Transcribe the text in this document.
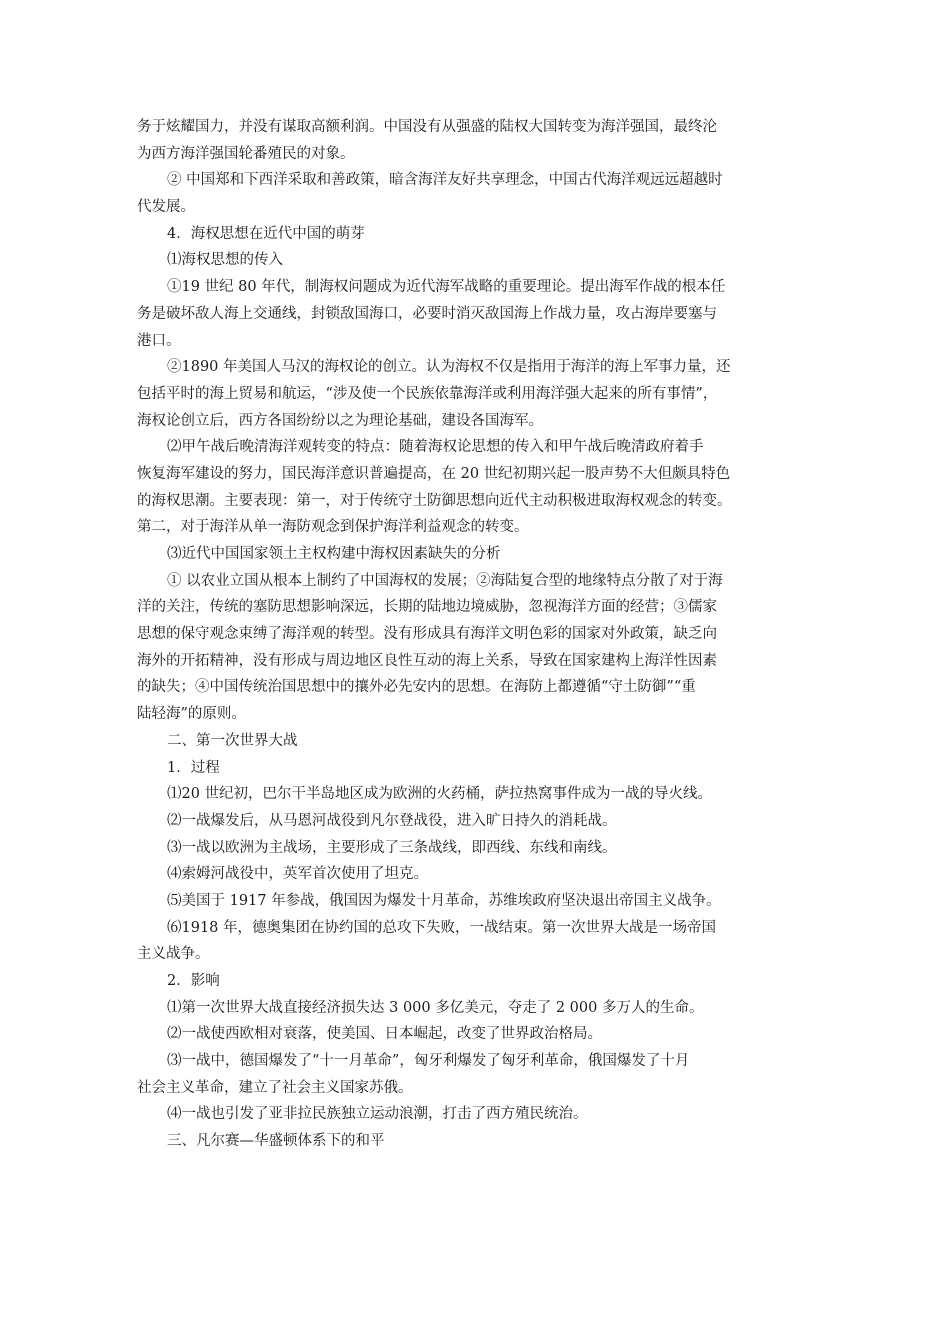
务于炫耀国力，并没有谋取高额利润。中国没有从强盛的陆权大国转变为海洋强国，最终沦
为西方海洋强国轮番殖民的对象。
② 中国郑和下西洋采取和善政策，暗含海洋友好共享理念，中国古代海洋观远远超越时
代发展。
4．海权思想在近代中国的萌芽
⑴海权思想的传入
①19 世纪 80 年代，制海权问题成为近代海军战略的重要理论。提出海军作战的根本任
务是破坏敌人海上交通线，封锁敌国海口，必要时消灭敌国海上作战力量，攻占海岸要塞与
港口。
②1890 年美国人马汉的海权论的创立。认为海权不仅是指用于海洋的海上军事力量，还
包括平时的海上贸易和航运，“涉及使一个民族依靠海洋或利用海洋强大起来的所有事情”，
海权论创立后，西方各国纷纷以之为理论基础，建设各国海军。
⑵甲午战后晚清海洋观转变的特点：随着海权论思想的传入和甲午战后晚清政府着手
恢复海军建设的努力，国民海洋意识普遍提高，在 20 世纪初期兴起一股声势不大但颇具特色
的海权思潮。主要表现：第一，对于传统守土防御思想向近代主动积极进取海权观念的转变。
第二，对于海洋从单一海防观念到保护海洋利益观念的转变。
⑶近代中国国家领土主权构建中海权因素缺失的分析
① 以农业立国从根本上制约了中国海权的发展；②海陆复合型的地缘特点分散了对于海
洋的关注，传统的塞防思想影响深远，长期的陆地边境威胁，忽视海洋方面的经营；③儒家
思想的保守观念束缚了海洋观的转型。没有形成具有海洋文明色彩的国家对外政策，缺乏向
海外的开拓精神，没有形成与周边地区良性互动的海上关系，导致在国家建构上海洋性因素
的缺失；④中国传统治国思想中的攘外必先安内的思想。在海防上都遵循“守土防御”“重
陆轻海”的原则。
二、第一次世界大战
1．过程
⑴20 世纪初，巴尔干半岛地区成为欧洲的火药桶，萨拉热窝事件成为一战的导火线。
⑵一战爆发后，从马恩河战役到凡尔登战役，进入旷日持久的消耗战。
⑶一战以欧洲为主战场，主要形成了三条战线，即西线、东线和南线。
⑷索姆河战役中，英军首次使用了坦克。
⑸美国于 1917 年参战，俄国因为爆发十月革命，苏维埃政府坚决退出帝国主义战争。
⑹1918 年，德奥集团在协约国的总攻下失败，一战结束。第一次世界大战是一场帝国
主义战争。
2．影响
⑴第一次世界大战直接经济损失达 3 000 多亿美元，夺走了 2 000 多万人的生命。
⑵一战使西欧相对衰落，使美国、日本崛起，改变了世界政治格局。
⑶一战中，德国爆发了“十一月革命”，匈牙利爆发了匈牙利革命，俄国爆发了十月
社会主义革命，建立了社会主义国家苏俄。
⑷一战也引发了亚非拉民族独立运动浪潮，打击了西方殖民统治。
三、凡尔赛—华盛顿体系下的和平
